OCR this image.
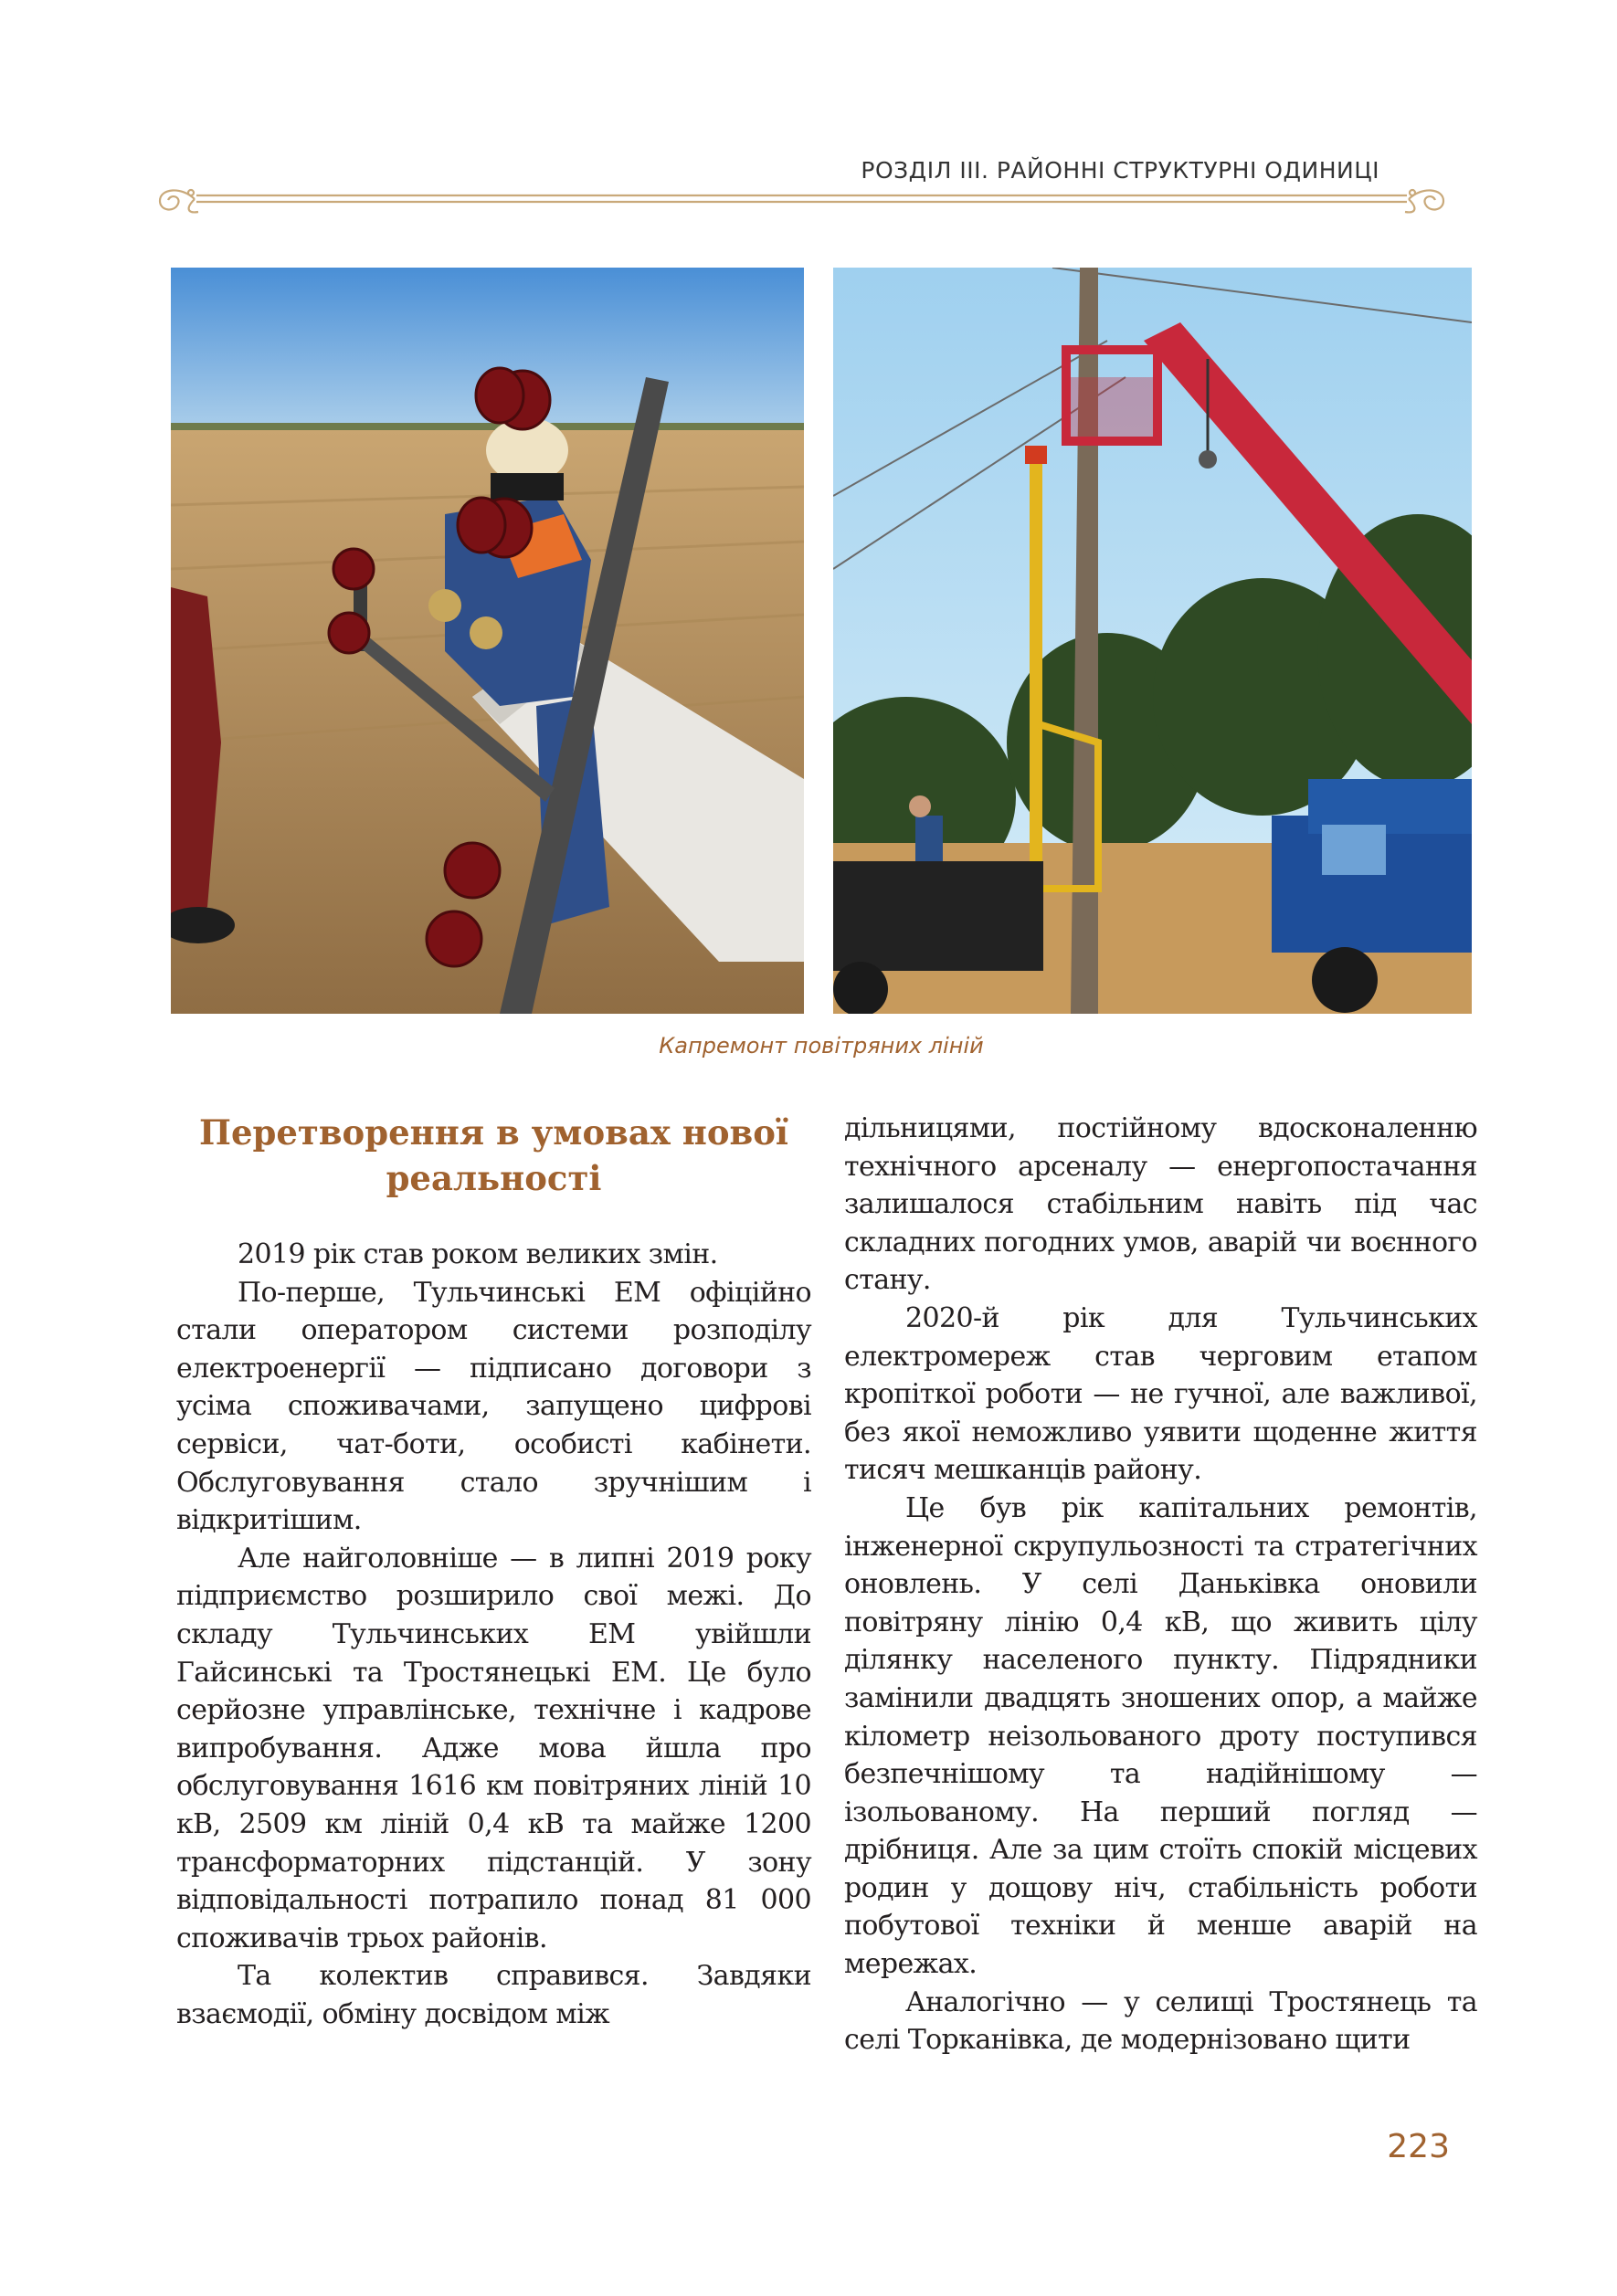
РОЗДІЛ III. РАЙОННІ СТРУКТУРНІ ОДИНИЦІ
Капремонт повітряних ліній
Перетворення в умовах нової реальності

2019 рік став роком великих змін.

По-перше, Тульчинські ЕМ офіційно стали оператором системи розподілу електроенергії — підписано договори з усіма споживачами, запущено цифрові сервіси, чат-боти, особисті кабінети. Обслуговування стало зручнішим і відкритішим.

Але найголовніше — в липні 2019 року підприємство розширило свої межі. До складу Тульчинських ЕМ увійшли Гайсинські та Тростянецькі ЕМ. Це було серйозне управлінське, технічне і кадрове випробування. Адже мова йшла про обслуговування 1616 км повітряних ліній 10 кВ, 2509 км ліній 0,4 кВ та майже 1200 трансформаторних підстанцій. У зону відповідальності потрапило понад 81 000 споживачів трьох районів.

Та колектив справився. Завдяки взаємодії, обміну досвідом між

дільницями, постійному вдосконаленню технічного арсеналу — енергопостачання залишалося стабільним навіть під час складних погодних умов, аварій чи воєнного стану.

2020-й рік для Тульчинських електромереж став черговим етапом кропіткої роботи — не гучної, але важливої, без якої неможливо уявити щоденне життя тисяч мешканців району.

Це був рік капітальних ремонтів, інженерної скрупульозності та стратегічних оновлень. У селі Даньківка оновили повітряну лінію 0,4 кВ, що живить цілу ділянку населеного пункту. Підрядники замінили двадцять зношених опор, а майже кілометр неізольованого дроту поступився безпечнішому та надійнішому — ізольованому. На перший погляд — дрібниця. Але за цим стоїть спокій місцевих родин у дощову ніч, стабільність роботи побутової техніки й менше аварій на мережах.

Аналогічно — у селищі Тростянець та селі Торканівка, де модернізовано щити

223
